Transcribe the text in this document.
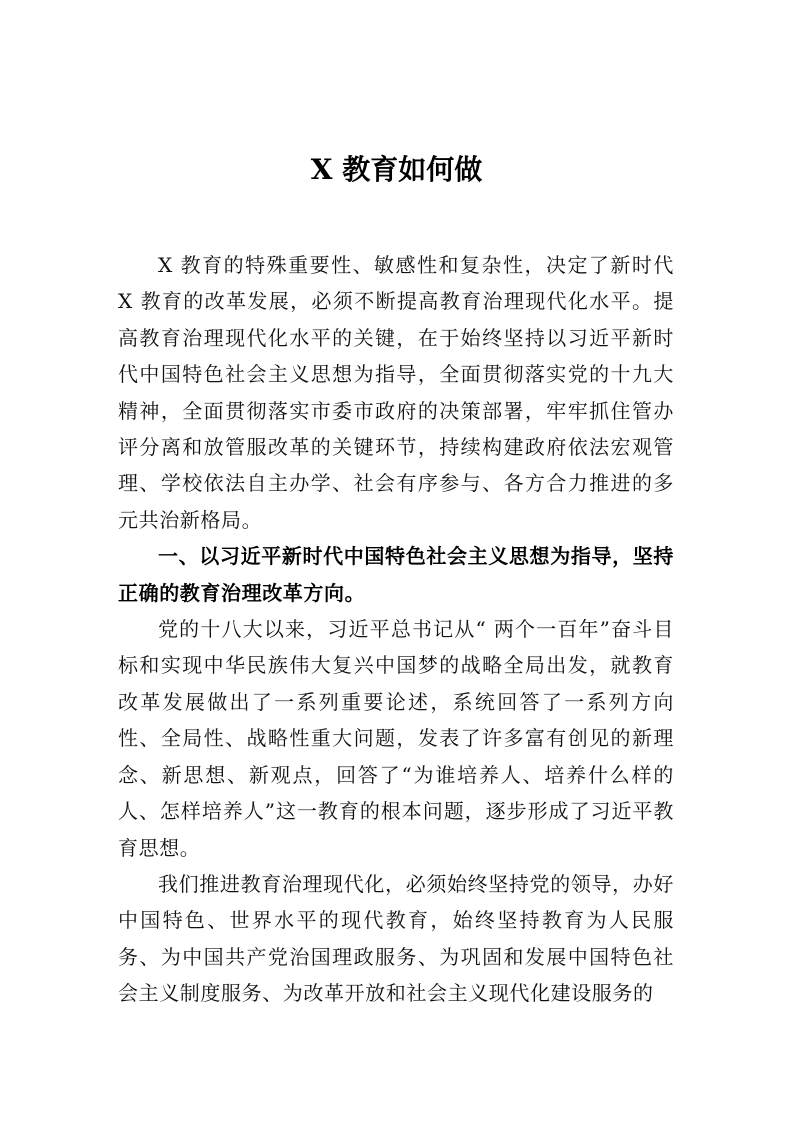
X 教育如何做

X 教育的特殊重要性、敏感性和复杂性，决定了新时代 X 教育的改革发展，必须不断提高教育治理现代化水平。提高教育治理现代化水平的关键，在于始终坚持以习近平新时代中国特色社会主义思想为指导，全面贯彻落实党的十九大精神，全面贯彻落实市委市政府的决策部署，牢牢抓住管办评分离和放管服改革的关键环节，持续构建政府依法宏观管理、学校依法自主办学、社会有序参与、各方合力推进的多元共治新格局。

一、以习近平新时代中国特色社会主义思想为指导，坚持正确的教育治理改革方向。

党的十八大以来，习近平总书记从“ 两个一百年”奋斗目标和实现中华民族伟大复兴中国梦的战略全局出发，就教育改革发展做出了一系列重要论述，系统回答了一系列方向性、全局性、战略性重大问题，发表了许多富有创见的新理念、新思想、新观点，回答了“为谁培养人、培养什么样的人、怎样培养人”这一教育的根本问题，逐步形成了习近平教育思想。

我们推进教育治理现代化，必须始终坚持党的领导，办好中国特色、世界水平的现代教育，始终坚持教育为人民服务、为中国共产党治国理政服务、为巩固和发展中国特色社会主义制度服务、为改革开放和社会主义现代化建设服务的
